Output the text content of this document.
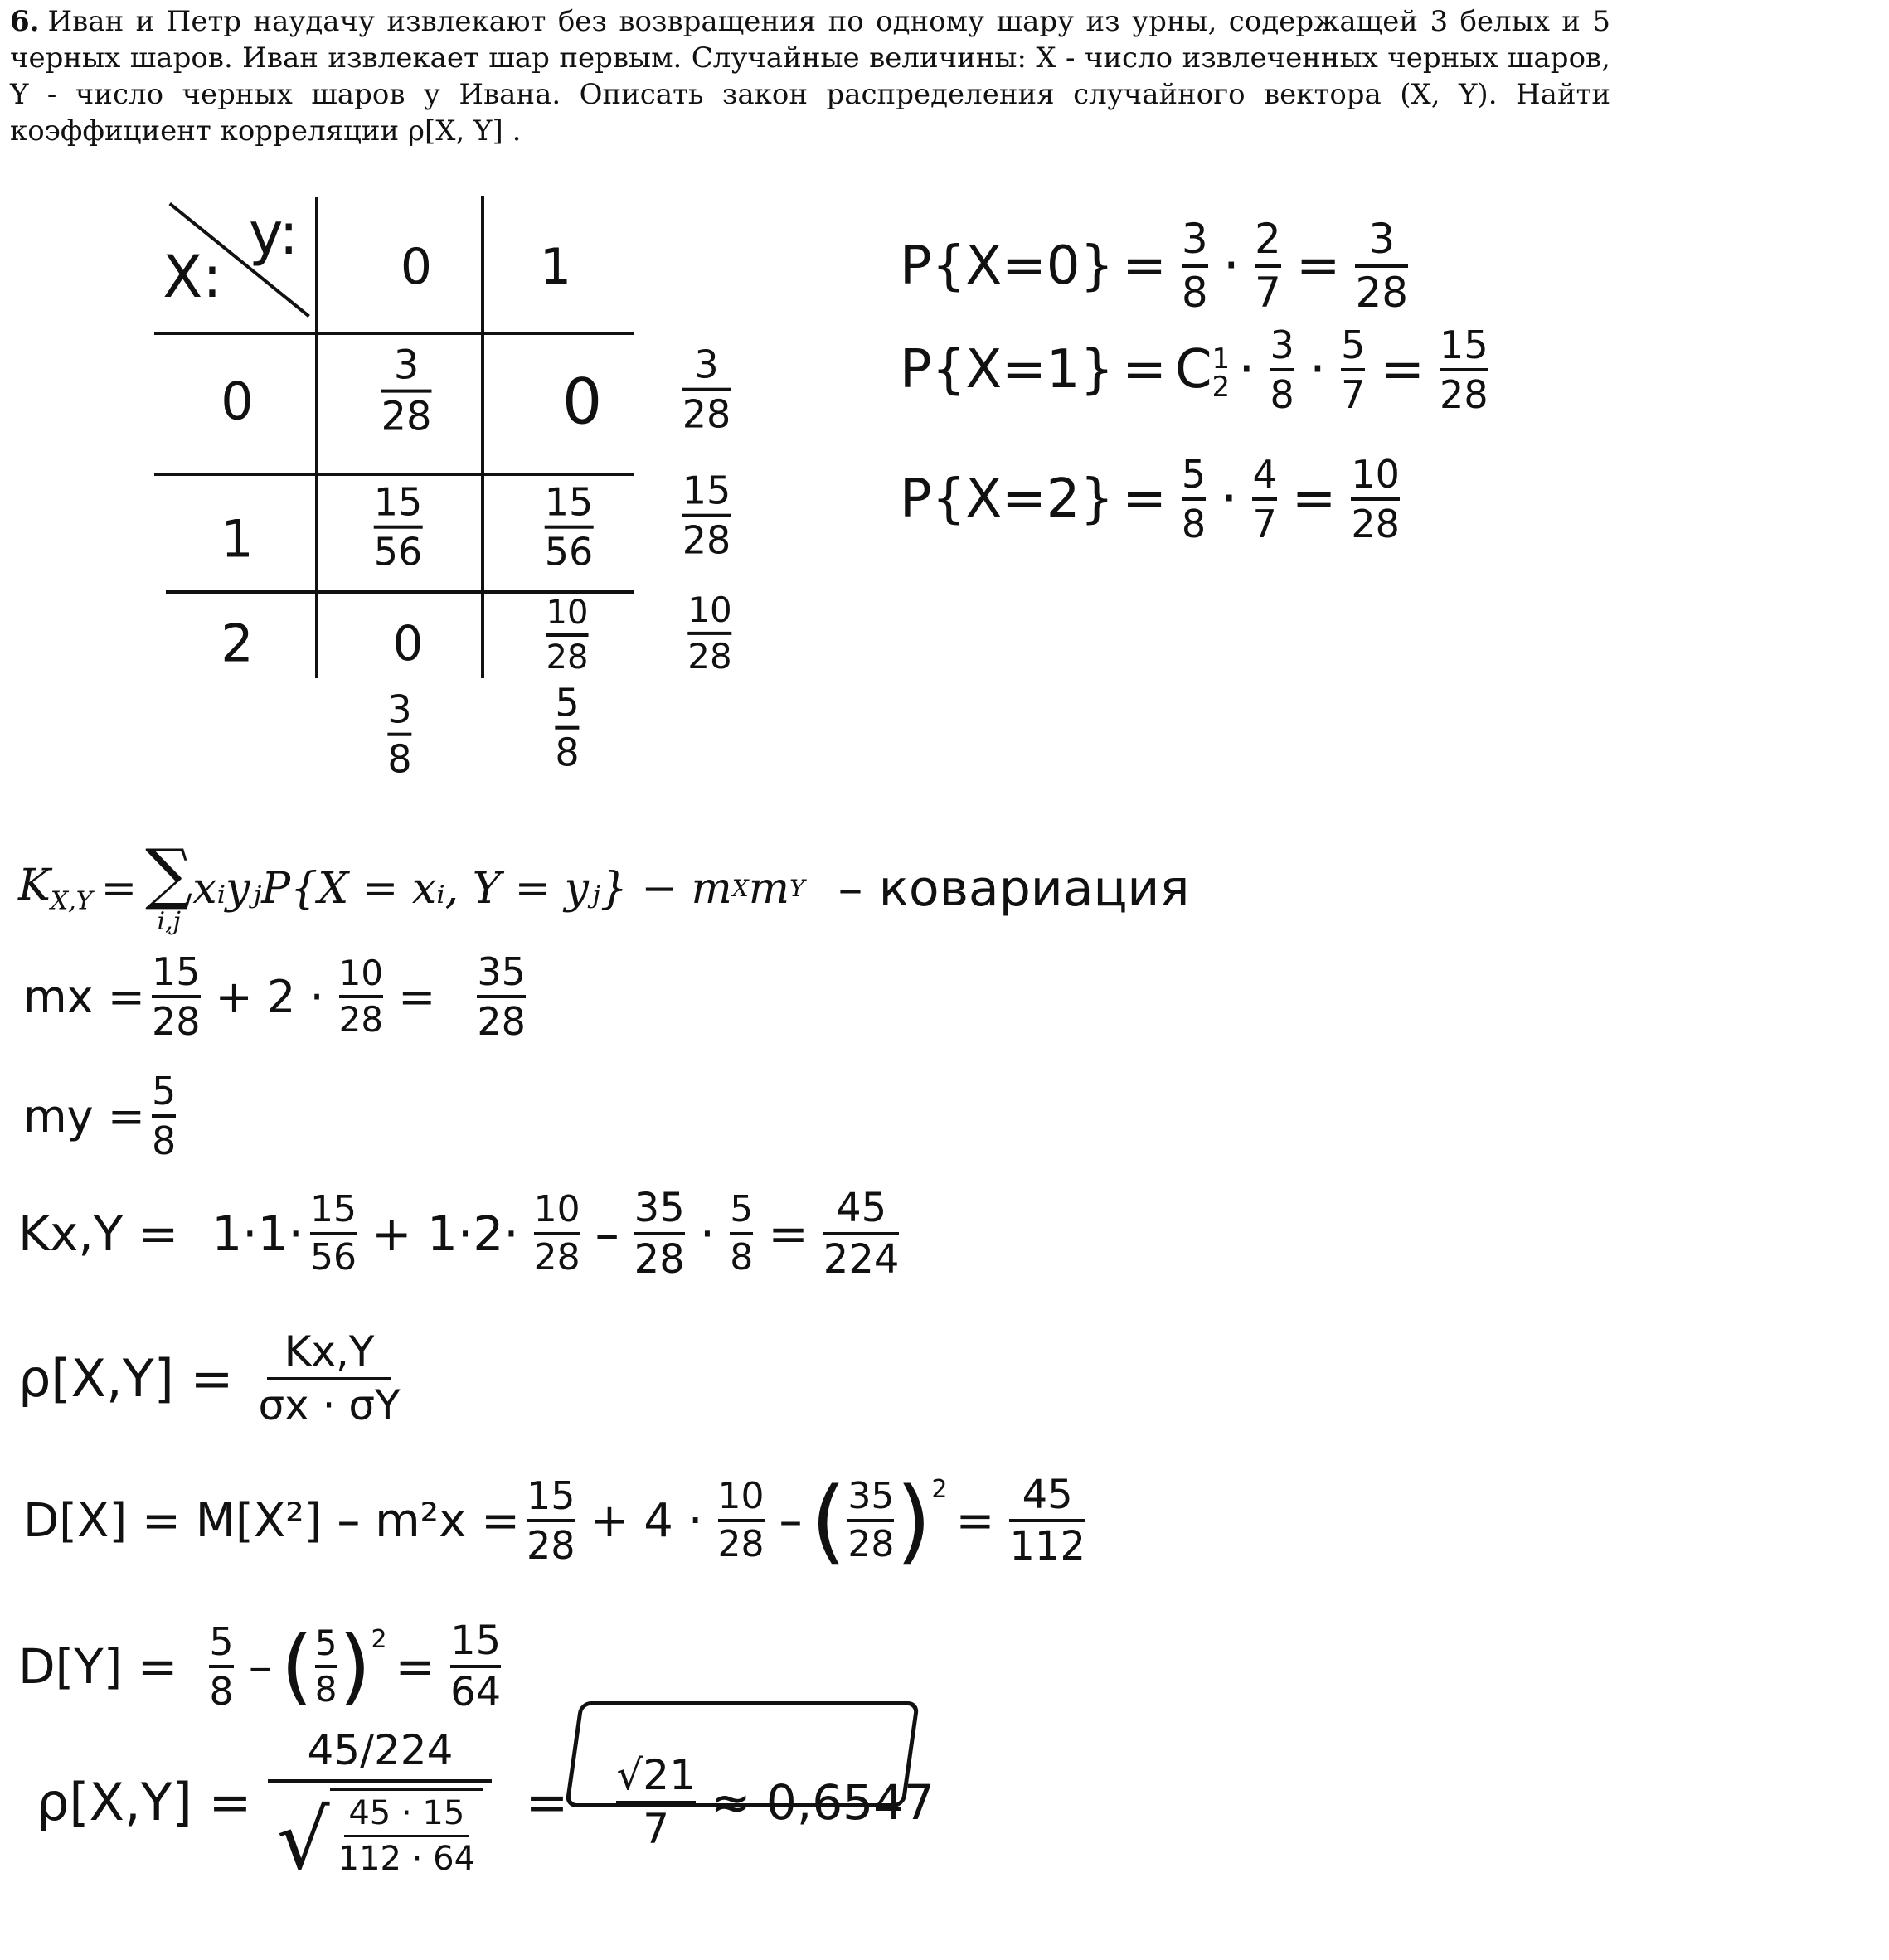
6. Иван и Петр наудачу извлекают без возвращения по одному шару из урны, содержащей 3 белых и 5 черных шаров. Иван извлекает шар первым. Случайные величины: X - число извлеченных черных шаров, Y - число черных шаров у Ивана. Описать закон распределения случайного вектора (X, Y). Найти коэффициент корреляции ρ[X, Y] .
X:
y: 0 1
0
1
2
3
28 0 3
28
15
56
15
56
15
28
0
10
28
10
28
3
8
5
8
$P\{X=0\} = \frac{3}{8} \cdot \frac{2}{7} = \frac{3}{28}$
P{X=1} = C 1
$2 \cdot \frac{3}{8} \cdot \frac{5}{7} = \frac{15}{28}$
$P\{X=2\} = \frac{5}{8} \cdot \frac{4}{7} = \frac{10}{28}$
$K_{X,Y}$ = ∑
i,j
xᵢyⱼP{X = xᵢ, Y = yⱼ} − m X m Y – ковариация
mx = $\frac{15}{28} + 2 \cdot \frac{10}{28} = \frac{35}{28}$
my = $\frac{5}{8}$
$Kx,Y = 1\cdot 1\cdot \frac{15}{56} + 1\cdot 2\cdot \frac{10}{28} - \frac{35}{28} \cdot \frac{5}{8} = \frac{45}{224}$
$\rho[X,Y] = \frac{Kx,Y}{\sigma x \cdot \sigma Y}$
$D[X] = M[X^2] - m^2x = \frac{15}{28} + 4 \cdot \frac{10}{28}$ – ( $\frac{35}{28} )^2$
= $\frac{45}{112}$
$D[Y] = \frac{5}{8}$ – ( $\frac{5}{8} )^2 = \frac{15}{64}$
ρ[X,Y] =
45/224
√ 45 · 15
112 · 64
= $\frac{√21}{7} \approx 0,6547$
